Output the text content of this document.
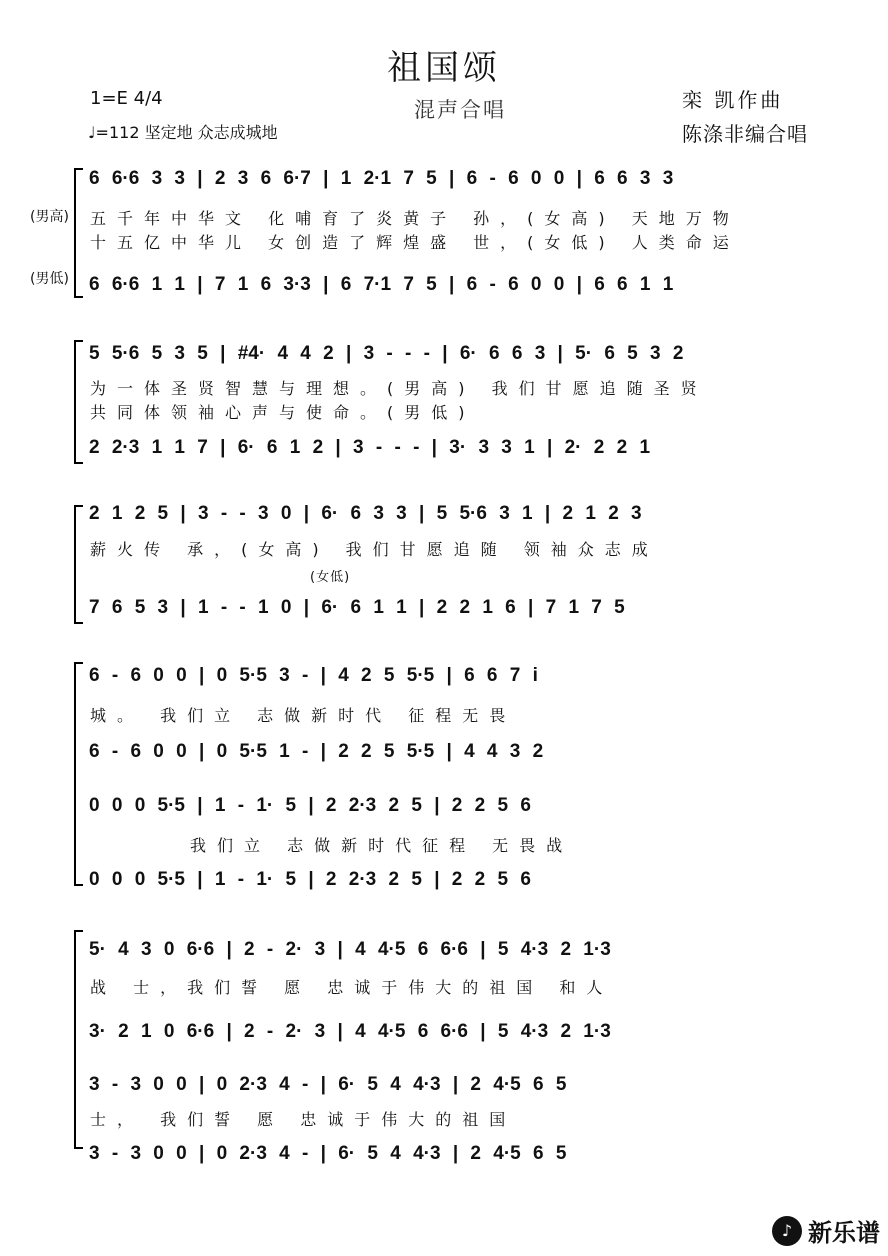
祖国颂
混声合唱
1=E 4/4
♩=112 坚定地 众志成城地
栾 凯作曲
陈涤非编合唱
(男高)
(男低)
6 6·6 3 3 | 2 3 6 6·7 | 1 2·1 7 5 | 6 - 6 0 0 | 6 6 3 3
五千年中华文 化哺育了炎黄子 孙，(女高) 天地万物
十五亿中华儿 女创造了辉煌盛 世，(女低) 人类命运
6 6·6 1 1 | 7 1 6 3·3 | 6 7·1 7 5 | 6 - 6 0 0 | 6 6 1 1
5 5·6 5 3 5 | #4· 4 4 2 | 3 - - - | 6· 6 6 3 | 5· 6 5 3 2
为一体圣贤智慧与理想。(男高) 我们甘愿追随圣贤
共同体领袖心声与使命。(男低)
2 2·3 1 1 7 | 6· 6 1 2 | 3 - - - | 3· 3 3 1 | 2· 2 2 1
2 1 2 5 | 3 - - 3 0 | 6· 6 3 3 | 5 5·6 3 1 | 2 1 2 3
薪火传 承，(女高) 我们甘愿追随 领袖众志成
(女低)
7 6 5 3 | 1 - - 1 0 | 6· 6 1 1 | 2 2 1 6 | 7 1 7 5
6 - 6 0 0 | 0 5·5 3 - | 4 2 5 5·5 | 6 6 7 i
城。 我们立 志做新时代 征程无畏
6 - 6 0 0 | 0 5·5 1 - | 2 2 5 5·5 | 4 4 3 2
0 0 0 5·5 | 1 - 1· 5 | 2 2·3 2 5 | 2 2 5 6
我们立 志做新时代征程 无畏战
0 0 0 5·5 | 1 - 1· 5 | 2 2·3 2 5 | 2 2 5 6
5· 4 3 0 6·6 | 2 - 2· 3 | 4 4·5 6 6·6 | 5 4·3 2 1·3
战 士，我们誓 愿 忠诚于伟大的祖国 和人
3· 2 1 0 6·6 | 2 - 2· 3 | 4 4·5 6 6·6 | 5 4·3 2 1·3
3 - 3 0 0 | 0 2·3 4 - | 6· 5 4 4·3 | 2 4·5 6 5
士， 我们誓 愿 忠诚于伟大的祖国
3 - 3 0 0 | 0 2·3 4 - | 6· 5 4 4·3 | 2 4·5 6 5
♪ 新乐谱
